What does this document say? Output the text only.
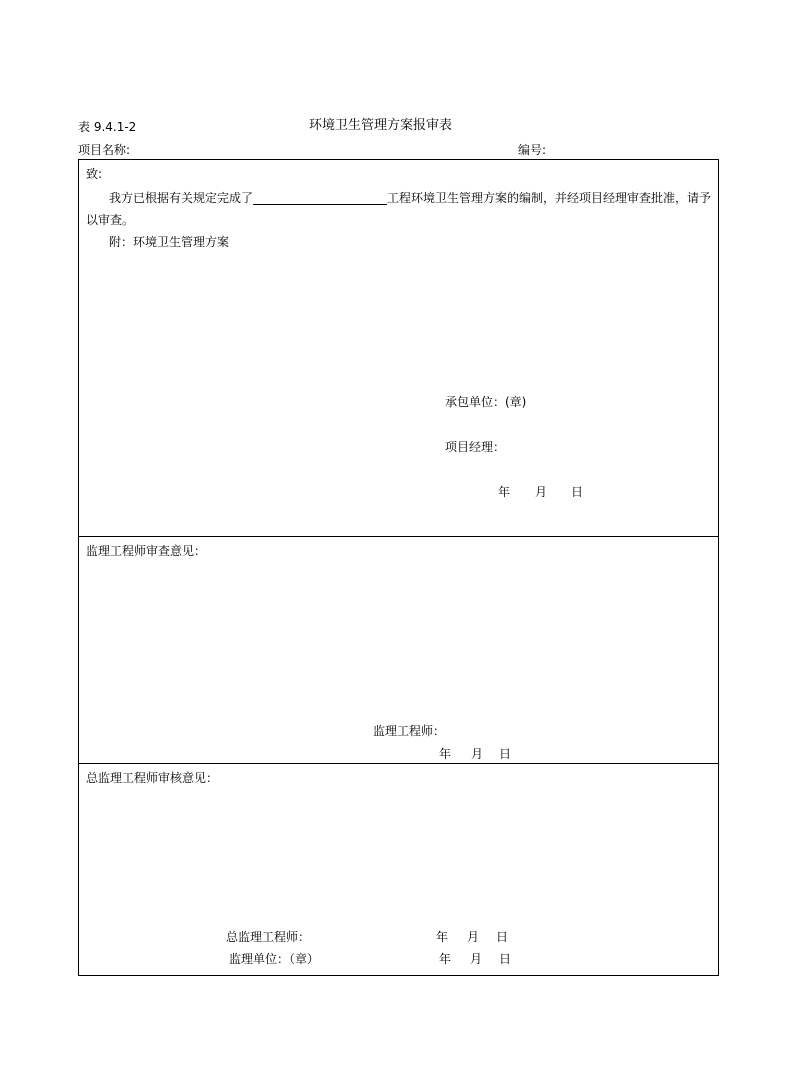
表 9.4.1-2	环境卫生管理方案报审表
项目名称:	编号:
致:
我方已根据有关规定完成了	工程环境卫生管理方案的编制，并经项目经理审查批准，请予
以审查。
附：环境卫生管理方案
承包单位：(章)
项目经理：
年 月 日
监理工程师审查意见：
监理工程师：
年 月 日
总监理工程师审核意见：
总监理工程师：	年 月 日
监理单位：（章）	年 月 日
